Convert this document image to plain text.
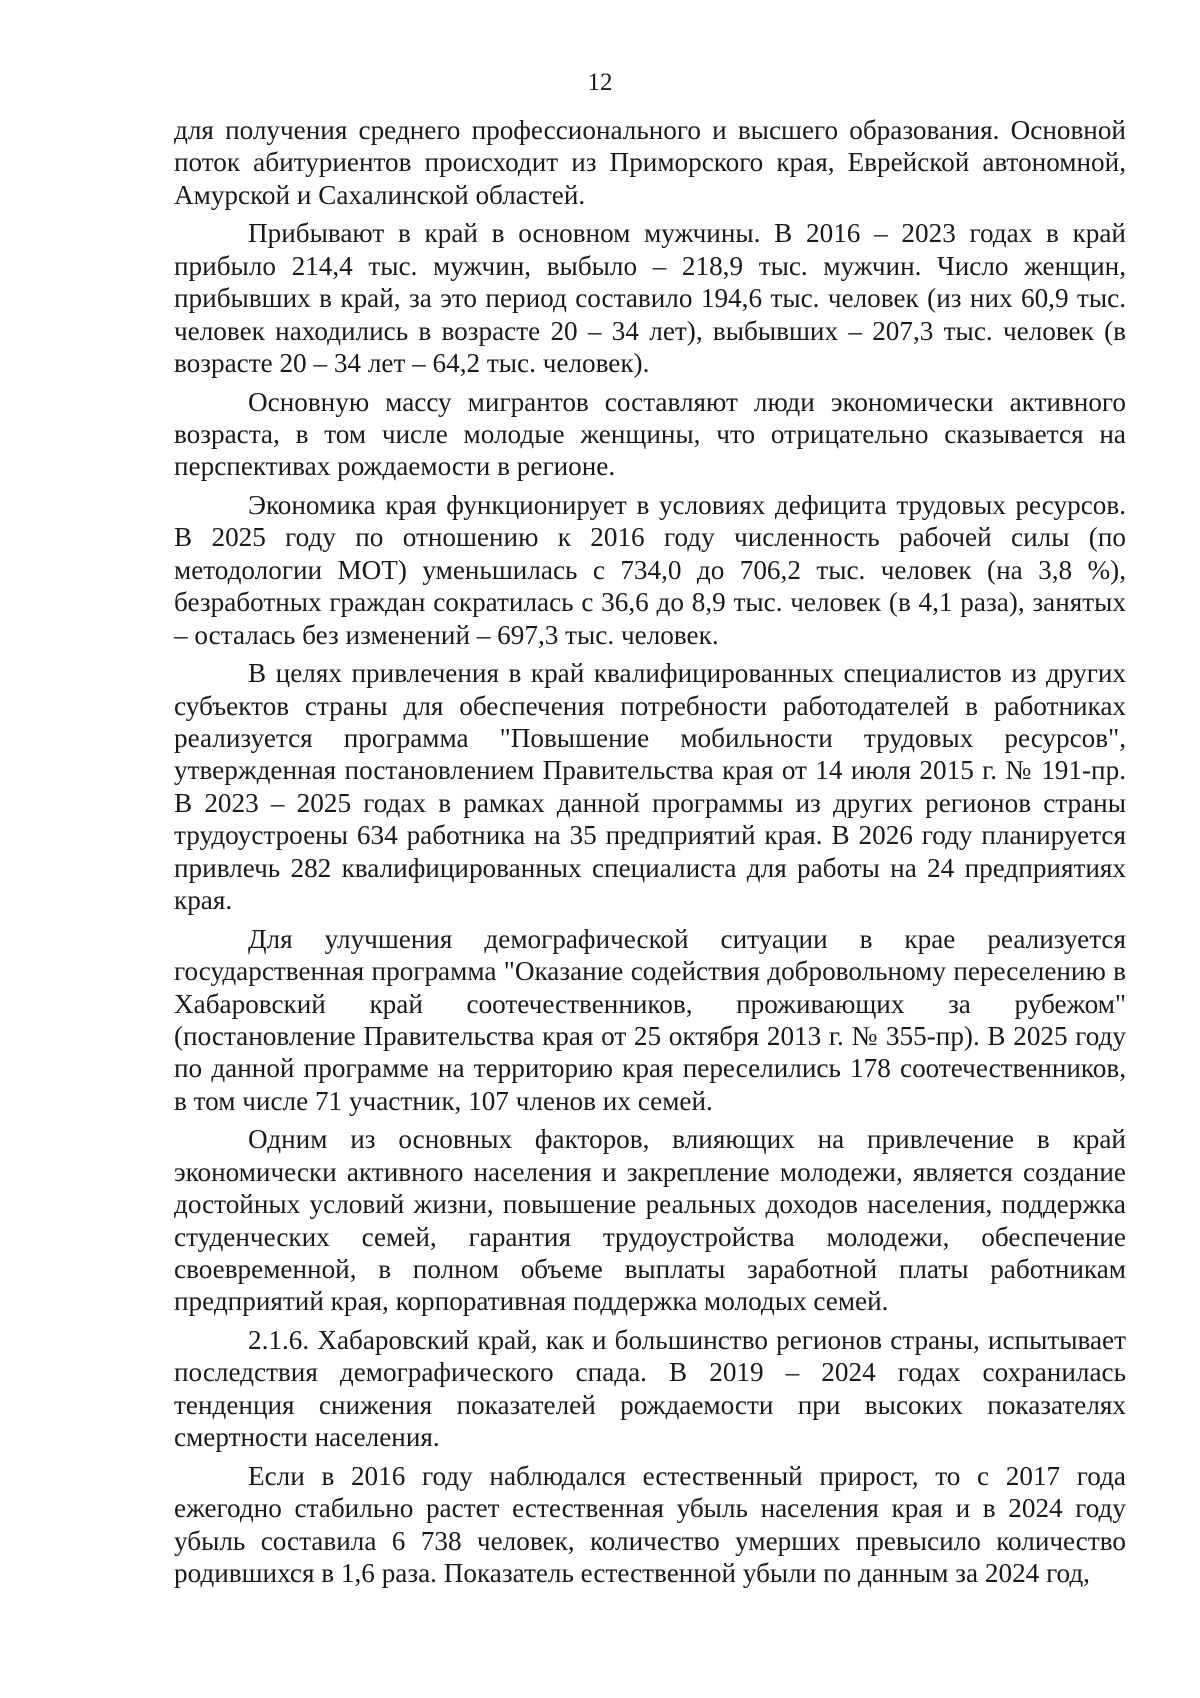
12

для получения среднего профессионального и высшего образования. Основной поток абитуриентов происходит из Приморского края, Еврейской автономной, Амурской и Сахалинской областей.

Прибывают в край в основном мужчины. В 2016 – 2023 годах в край прибыло 214,4 тыс. мужчин, выбыло – 218,9 тыс. мужчин. Число женщин, прибывших в край, за это период составило 194,6 тыс. человек (из них 60,9 тыс. человек находились в возрасте 20 – 34 лет), выбывших – 207,3 тыс. человек (в возрасте 20 – 34 лет – 64,2 тыс. человек).

Основную массу мигрантов составляют люди экономически активного возраста, в том числе молодые женщины, что отрицательно сказывается на перспективах рождаемости в регионе.

Экономика края функционирует в условиях дефицита трудовых ресурсов. В 2025 году по отношению к 2016 году численность рабочей силы (по методологии МОТ) уменьшилась с 734,0 до 706,2 тыс. человек (на 3,8 %), безработных граждан сократилась с 36,6 до 8,9 тыс. человек (в 4,1 раза), занятых – осталась без изменений – 697,3 тыс. человек.

В целях привлечения в край квалифицированных специалистов из других субъектов страны для обеспечения потребности работодателей в работниках реализуется программа "Повышение мобильности трудовых ресурсов", утвержденная постановлением Правительства края от 14 июля 2015 г. № 191-пр. В 2023 – 2025 годах в рамках данной программы из других регионов страны трудоустроены 634 работника на 35 предприятий края. В 2026 году планируется привлечь 282 квалифицированных специалиста для работы на 24 предприятиях края.

Для улучшения демографической ситуации в крае реализуется государственная программа "Оказание содействия добровольному переселению в Хабаровский край соотечественников, проживающих за рубежом" (постановление Правительства края от 25 октября 2013 г. № 355-пр). В 2025 году по данной программе на территорию края переселились 178 соотечественников, в том числе 71 участник, 107 членов их семей.

Одним из основных факторов, влияющих на привлечение в край экономически активного населения и закрепление молодежи, является создание достойных условий жизни, повышение реальных доходов населения, поддержка студенческих семей, гарантия трудоустройства молодежи, обеспечение своевременной, в полном объеме выплаты заработной платы работникам предприятий края, корпоративная поддержка молодых семей.

2.1.6. Хабаровский край, как и большинство регионов страны, испытывает последствия демографического спада. В 2019 – 2024 годах сохранилась тенденция снижения показателей рождаемости при высоких показателях смертности населения.

Если в 2016 году наблюдался естественный прирост, то с 2017 года ежегодно стабильно растет естественная убыль населения края и в 2024 году убыль составила 6 738 человек, количество умерших превысило количество родившихся в 1,6 раза. Показатель естественной убыли по данным за 2024 год,
